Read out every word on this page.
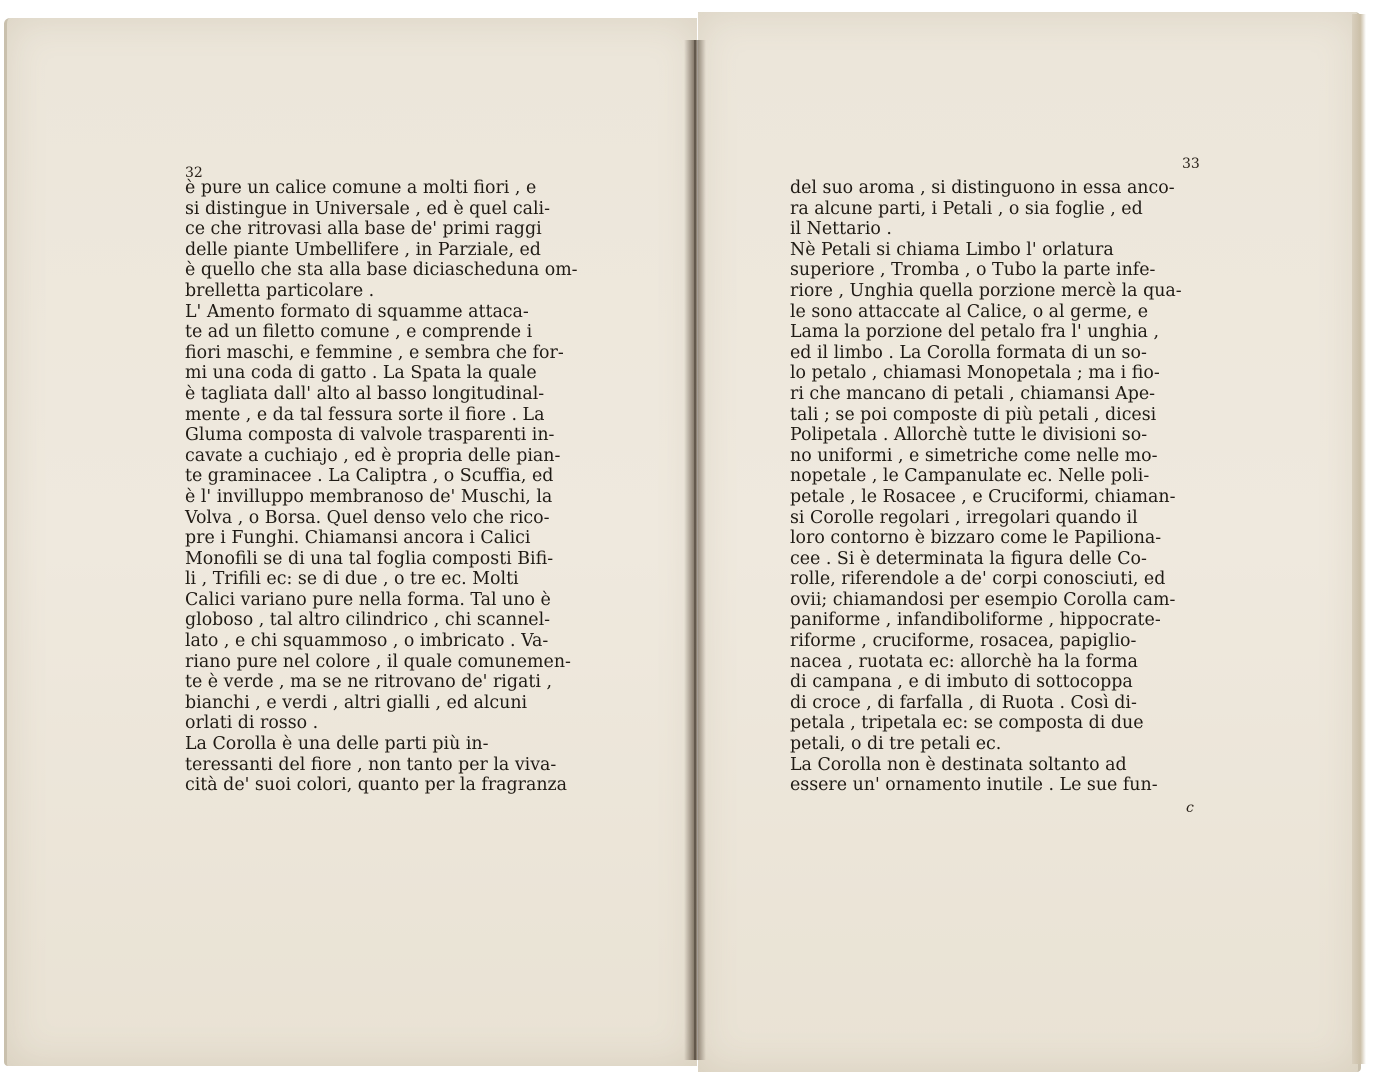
32
33
è pure un calice comune a molti fiori , e
si distingue in Universale , ed è quel cali-
ce che ritrovasi alla base de' primi raggi
delle piante Umbellifere , in Parziale, ed
è quello che sta alla base diciascheduna om-
brelletta particolare .
L' Amento formato di squamme attaca-
te ad un filetto comune , e comprende i
fiori maschi, e femmine , e sembra che for-
mi una coda di gatto . La Spata la quale
è tagliata dall' alto al basso longitudinal-
mente , e da tal fessura sorte il fiore . La
Gluma composta di valvole trasparenti in-
cavate a cuchiajo , ed è propria delle pian-
te graminacee . La Caliptra , o Scuffia, ed
è l' invilluppo membranoso de' Muschi, la
Volva , o Borsa. Quel denso velo che rico-
pre i Funghi. Chiamansi ancora i Calici
Monofili se di una tal foglia composti Bifi-
li , Trifili ec: se di due , o tre ec. Molti
Calici variano pure nella forma. Tal uno è
globoso , tal altro cilindrico , chi scannel-
lato , e chi squammoso , o imbricato . Va-
riano pure nel colore , il quale comunemen-
te è verde , ma se ne ritrovano de' rigati ,
bianchi , e verdi , altri gialli , ed alcuni
orlati di rosso .
La Corolla è una delle parti più in-
teressanti del fiore , non tanto per la viva-
cità de' suoi colori, quanto per la fragranza
del suo aroma , si distinguono in essa anco-
ra alcune parti, i Petali , o sia foglie , ed
il Nettario .
Nè Petali si chiama Limbo l' orlatura
superiore , Tromba , o Tubo la parte infe-
riore , Unghia quella porzione mercè la qua-
le sono attaccate al Calice, o al germe, e
Lama la porzione del petalo fra l' unghia ,
ed il limbo . La Corolla formata di un so-
lo petalo , chiamasi Monopetala ; ma i fio-
ri che mancano di petali , chiamansi Ape-
tali ; se poi composte di più petali , dicesi
Polipetala . Allorchè tutte le divisioni so-
no uniformi , e simetriche come nelle mo-
nopetale , le Campanulate ec. Nelle poli-
petale , le Rosacee , e Cruciformi, chiaman-
si Corolle regolari , irregolari quando il
loro contorno è bizzaro come le Papiliona-
cee . Si è determinata la figura delle Co-
rolle, riferendole a de' corpi conosciuti, ed
ovii; chiamandosi per esempio Corolla cam-
paniforme , infandiboliforme , hippocrate-
riforme , cruciforme, rosacea, papiglio-
nacea , ruotata ec: allorchè ha la forma
di campana , e di imbuto di sottocoppa
di croce , di farfalla , di Ruota . Così di-
petala , tripetala ec: se composta di due
petali, o di tre petali ec.
La Corolla non è destinata soltanto ad
essere un' ornamento inutile . Le sue fun-
c
